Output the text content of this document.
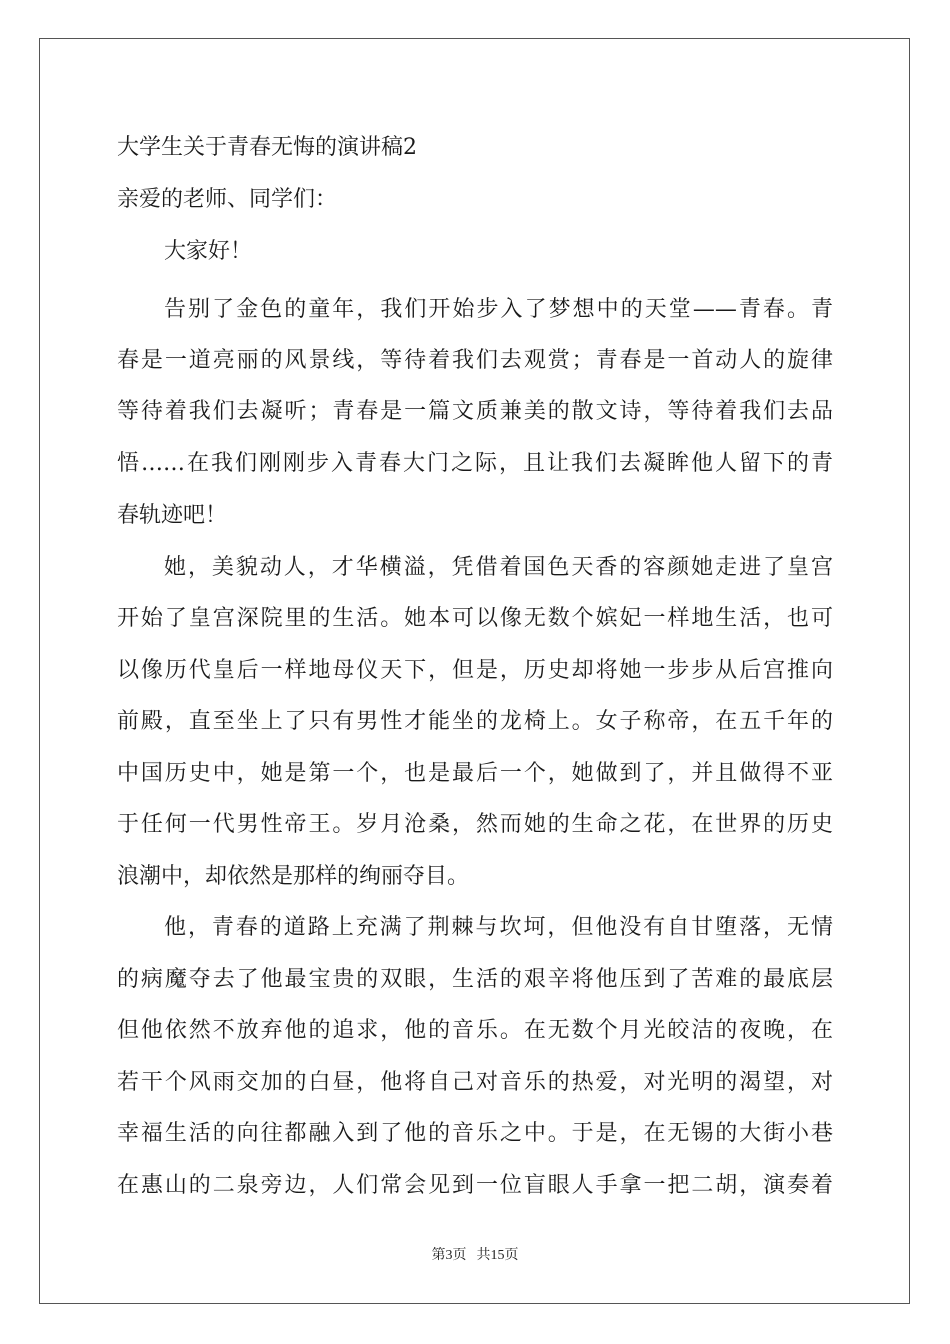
大学生关于青春无悔的演讲稿2
亲爱的老师、同学们：
大家好！
告别了金色的童年，我们开始步入了梦想中的天堂——青春。青
春是一道亮丽的风景线，等待着我们去观赏；青春是一首动人的旋律
等待着我们去凝听；青春是一篇文质兼美的散文诗，等待着我们去品
悟……在我们刚刚步入青春大门之际，且让我们去凝眸他人留下的青
春轨迹吧！
她，美貌动人，才华横溢，凭借着国色天香的容颜她走进了皇宫
开始了皇宫深院里的生活。她本可以像无数个嫔妃一样地生活，也可
以像历代皇后一样地母仪天下，但是，历史却将她一步步从后宫推向
前殿，直至坐上了只有男性才能坐的龙椅上。女子称帝，在五千年的
中国历史中，她是第一个，也是最后一个，她做到了，并且做得不亚
于任何一代男性帝王。岁月沧桑，然而她的生命之花，在世界的历史
浪潮中，却依然是那样的绚丽夺目。
他，青春的道路上充满了荆棘与坎坷，但他没有自甘堕落，无情
的病魔夺去了他最宝贵的双眼，生活的艰辛将他压到了苦难的最底层
但他依然不放弃他的追求，他的音乐。在无数个月光皎洁的夜晚，在
若干个风雨交加的白昼，他将自己对音乐的热爱，对光明的渴望，对
幸福生活的向往都融入到了他的音乐之中。于是，在无锡的大街小巷
在惠山的二泉旁边，人们常会见到一位盲眼人手拿一把二胡，演奏着
第3页 共15页
